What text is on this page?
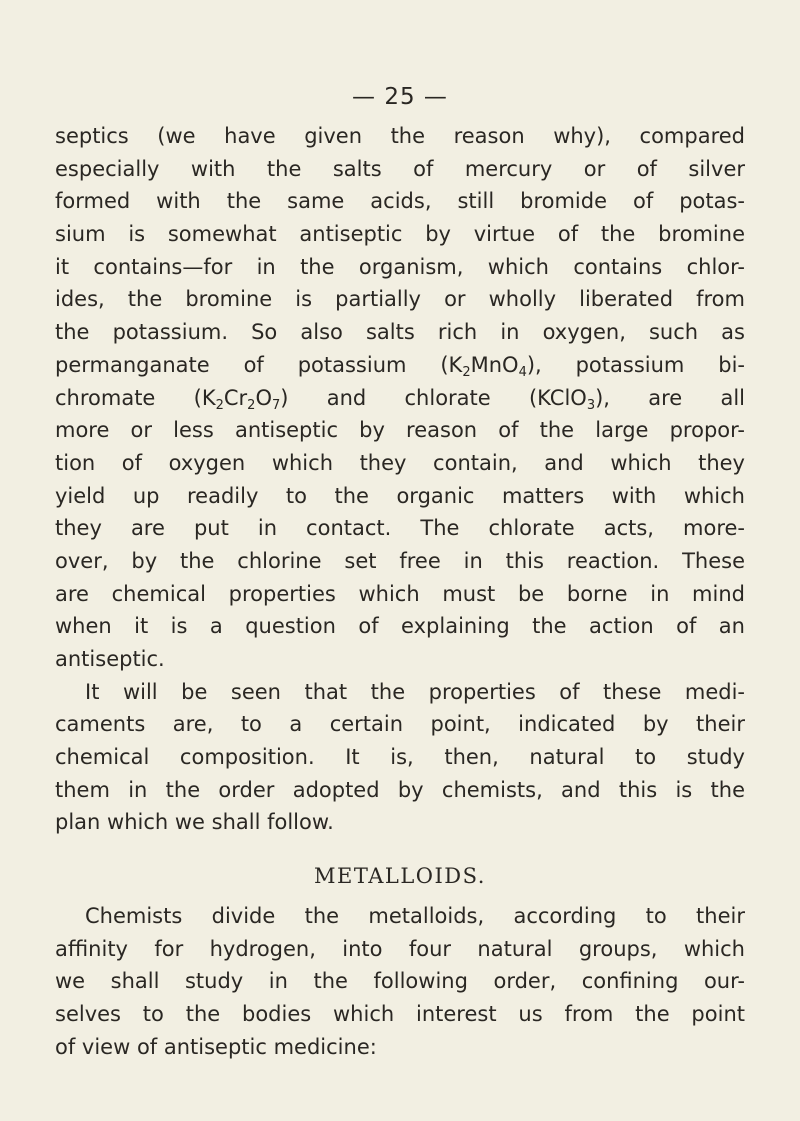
— 25 —
septics (we have given the reason why), compared
especially with the salts of mercury or of silver
formed with the same acids, still bromide of potas-
sium is somewhat antiseptic by virtue of the bromine
it contains—for in the organism, which contains chlor-
ides, the bromine is partially or wholly liberated from
the potassium. So also salts rich in oxygen, such as
permanganate of potassium $(K_2MnO_4)$, potassium bi-
chromate $(K_2Cr_2O_7)$ and chlorate (KClO$_3$), are all
more or less antiseptic by reason of the large propor-
tion of oxygen which they contain, and which they
yield up readily to the organic matters with which
they are put in contact. The chlorate acts, more-
over, by the chlorine set free in this reaction. These
are chemical properties which must be borne in mind
when it is a question of explaining the action of an
antiseptic.
It will be seen that the properties of these medi-
caments are, to a certain point, indicated by their
chemical composition. It is, then, natural to study
them in the order adopted by chemists, and this is the
plan which we shall follow.
METALLOIDS.
Chemists divide the metalloids, according to their
affinity for hydrogen, into four natural groups, which
we shall study in the following order, confining our-
selves to the bodies which interest us from the point
of view of antiseptic medicine:
